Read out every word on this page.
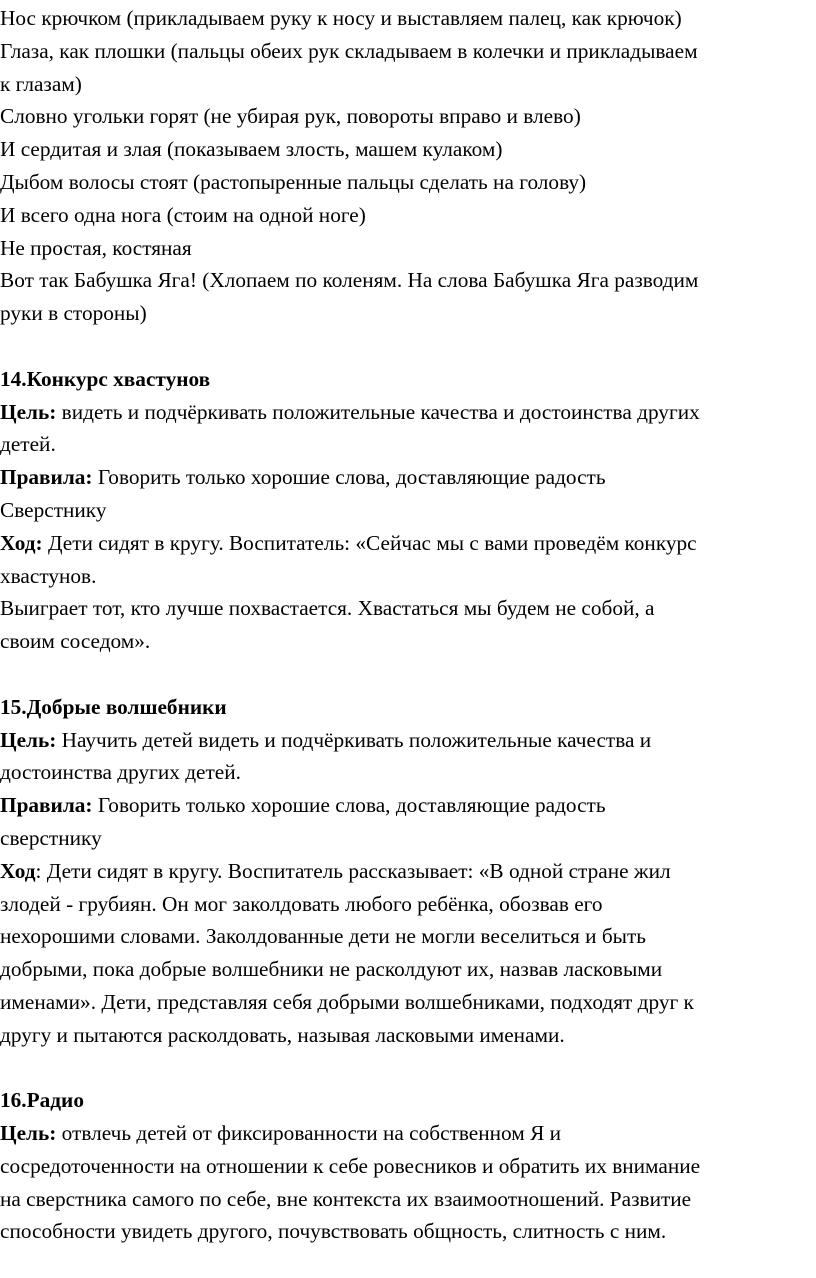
Нос крючком (прикладываем руку к носу и выставляем палец, как крючок)
Глаза, как плошки (пальцы обеих рук складываем в колечки и прикладываем
к глазам)
Словно угольки горят (не убирая рук, повороты вправо и влево)
И сердитая и злая (показываем злость, машем кулаком)
Дыбом волосы стоят (растопыренные пальцы сделать на голову)
И всего одна нога (стоим на одной ноге)
Не простая, костяная
Вот так Бабушка Яга! (Хлопаем по коленям. На слова Бабушка Яга разводим
руки в стороны)
14.Конкурс хвастунов
Цель: видеть и подчёркивать положительные качества и достоинства других
детей.
Правила: Говорить только хорошие слова, доставляющие радость
Сверстнику
Ход: Дети сидят в кругу. Воспитатель: «Сейчас мы с вами проведём конкурс
хвастунов.
Выиграет тот, кто лучше похвастается. Хвастаться мы будем не собой, а
своим соседом».
15.Добрые волшебники
Цель: Научить детей видеть и подчёркивать положительные качества и
достоинства других детей.
Правила: Говорить только хорошие слова, доставляющие радость
сверстнику
Ход: Дети сидят в кругу. Воспитатель рассказывает: «В одной стране жил
злодей - грубиян. Он мог заколдовать любого ребёнка, обозвав его
нехорошими словами. Заколдованные дети не могли веселиться и быть
добрыми, пока добрые волшебники не расколдуют их, назвав ласковыми
именами». Дети, представляя себя добрыми волшебниками, подходят друг к
другу и пытаются расколдовать, называя ласковыми именами.
16.Радио
Цель: отвлечь детей от фиксированности на собственном Я и
сосредоточенности на отношении к себе ровесников и обратить их внимание
на сверстника самого по себе, вне контекста их взаимоотношений. Развитие
способности увидеть другого, почувствовать общность, слитность с ним.
